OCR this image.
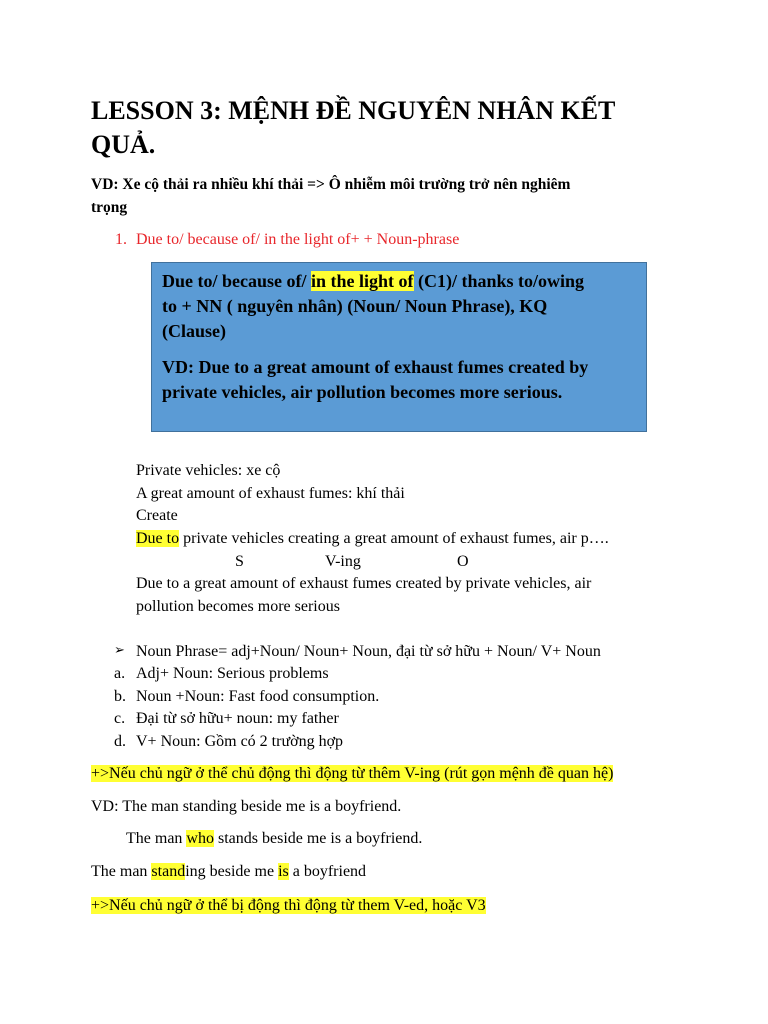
LESSON 3: MỆNH ĐỀ NGUYÊN NHÂN KẾT
QUẢ.
VD: Xe cộ thải ra nhiều khí thải => Ô nhiễm môi trường trở nên nghiêm
trọng
1. Due to/ because of/ in the light of+ + Noun-phrase
Due to/ because of/ in the light of (C1)/ thanks to/owing
to + NN ( nguyên nhân) (Noun/ Noun Phrase), KQ
(Clause)
VD: Due to a great amount of exhaust fumes created by
private vehicles, air pollution becomes more serious.
Private vehicles: xe cộ
A great amount of exhaust fumes: khí thải
Create
Due to private vehicles creating a great amount of exhaust fumes, air p….
S	V-ing	O
Due to a great amount of exhaust fumes created by private vehicles, air
pollution becomes more serious
➢ Noun Phrase= adj+Noun/ Noun+ Noun, đại từ sở hữu + Noun/ V+ Noun
a. Adj+ Noun: Serious problems
b. Noun +Noun: Fast food consumption.
c. Đại từ sở hữu+ noun: my father
d. V+ Noun: Gồm có 2 trường hợp
+>Nếu chủ ngữ ở thể chủ động thì động từ thêm V-ing (rút gọn mệnh đề quan hệ)
VD: The man standing beside me is a boyfriend.
The man who stands beside me is a boyfriend.
The man standing beside me is a boyfriend
+>Nếu chủ ngữ ở thể bị động thì động từ them V-ed, hoặc V3
